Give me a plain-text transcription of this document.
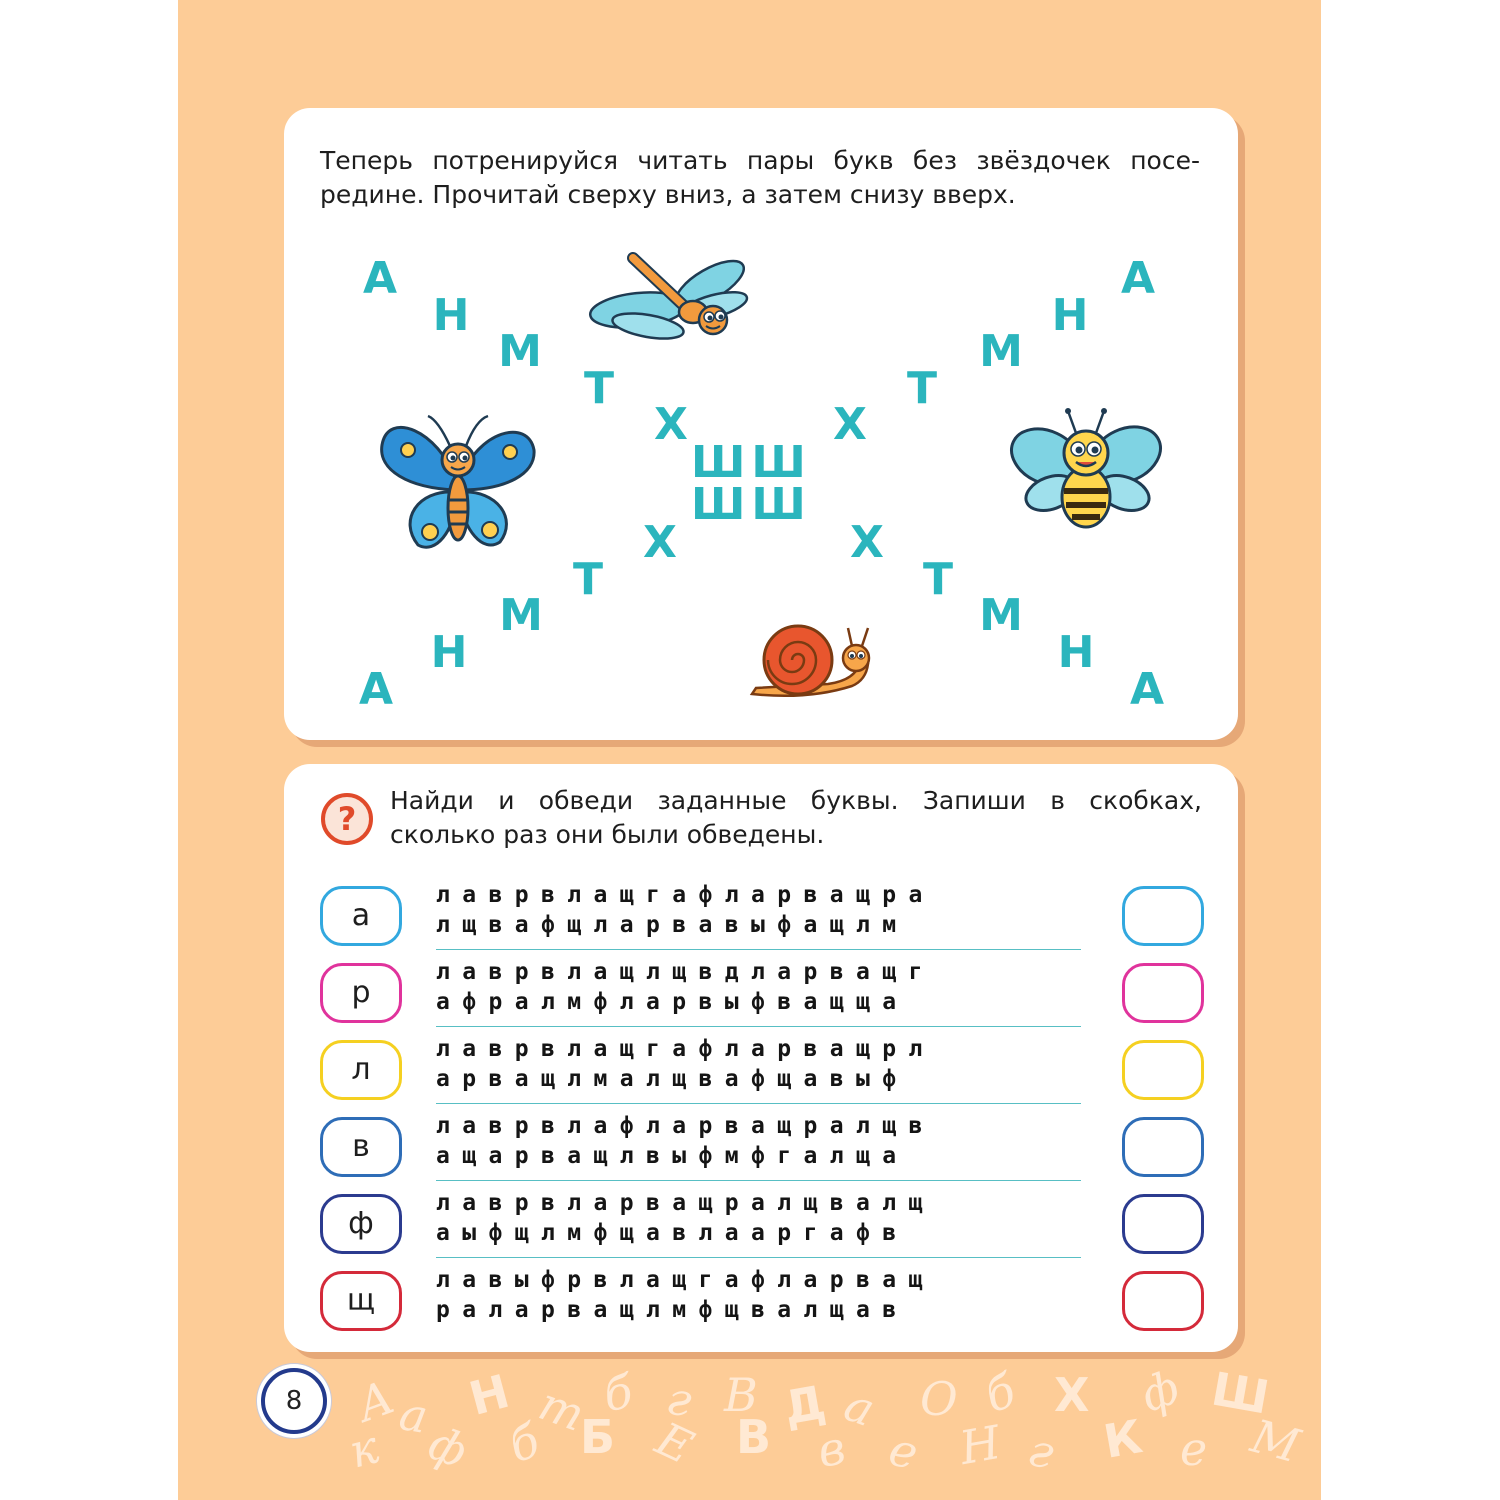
Теперь потренируйся читать пары букв без звёздочек посе-
редине. Прочитай сверху вниз, а затем снизу вверх.

А
Н
М
Т
Х
А
Н
М
Т
Х
Х
Т
М
Н
А
Х
Т
М
Н
А
ШШ
ШШ
? Найди и обведи заданные буквы. Запиши в скобках,
сколько раз они были обведены.

а
лаврвлащгафларващра
лщвафщларвавыфащлм
р
лаврвлащлщвдларващг
афралмфларвыфващща
л
лаврвлащгафларващрл
арващлмалщвафщавыф
в
лаврвлафларващралщв
ащарващлвыфмфгалща
ф
лаврвларващралщвалщ
аыфщлмфщавлааргафв
щ
лавыфрвлащгафларващ
раларващлмфщвалщав
8	А
а Н т б г В Д а О б Х ф Ш
к ф б Б Е В в е Н г К е М
